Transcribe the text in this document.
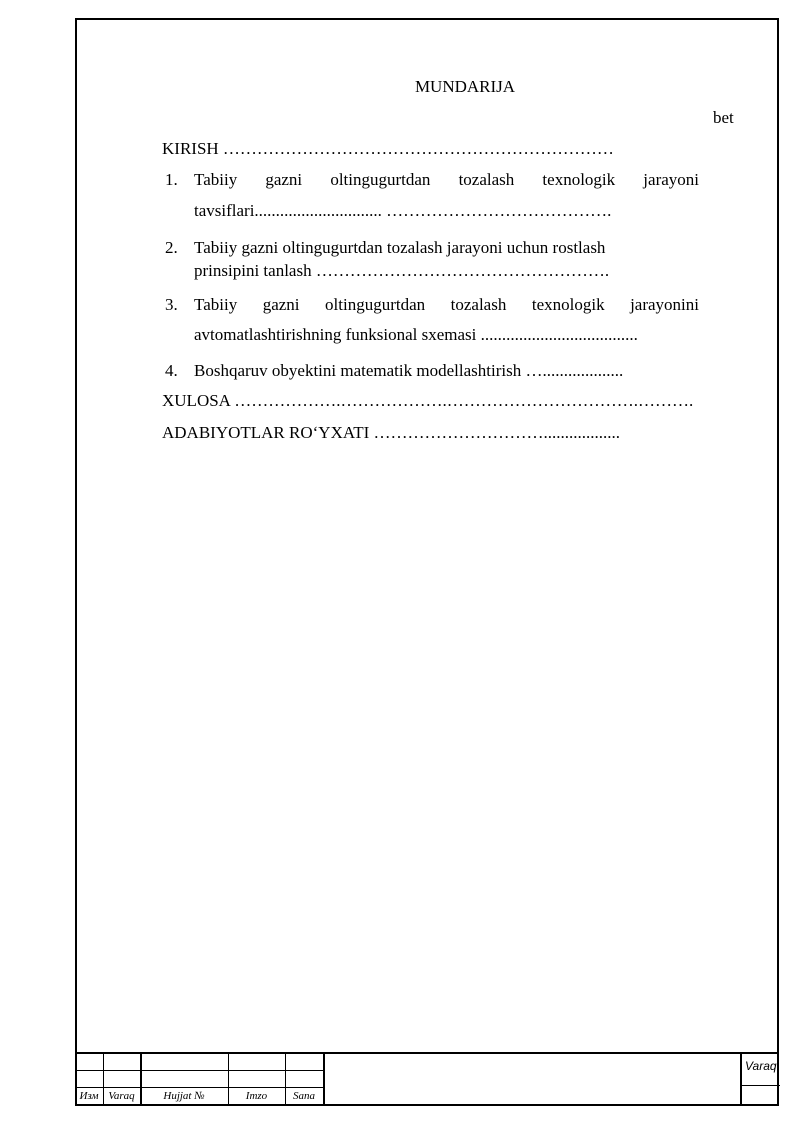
MUNDARIJA
bet
KIRISH ……………………………………………………………
1. Tabiiy gazni oltingugurtdan tozalash texnologik jarayoni
tavsiflari.............................. ………………………………….
2. Tabiiy gazni oltingugurtdan tozalash jarayoni uchun rostlash
prinsipini tanlash …………………………………………….
3. Tabiiy gazni oltingugurtdan tozalash texnologik jarayonini
avtomatlashtirishning funksional sxemasi .....................................
4. Boshqaruv obyektini matematik modellashtirish …...................
XULOSA ……………….……………….…………………………….……….
ADABIYOTLAR RO‘YXATI …………………………..................
Изм Varaq	Hujjat №	Imzo	Sana
Varaq
